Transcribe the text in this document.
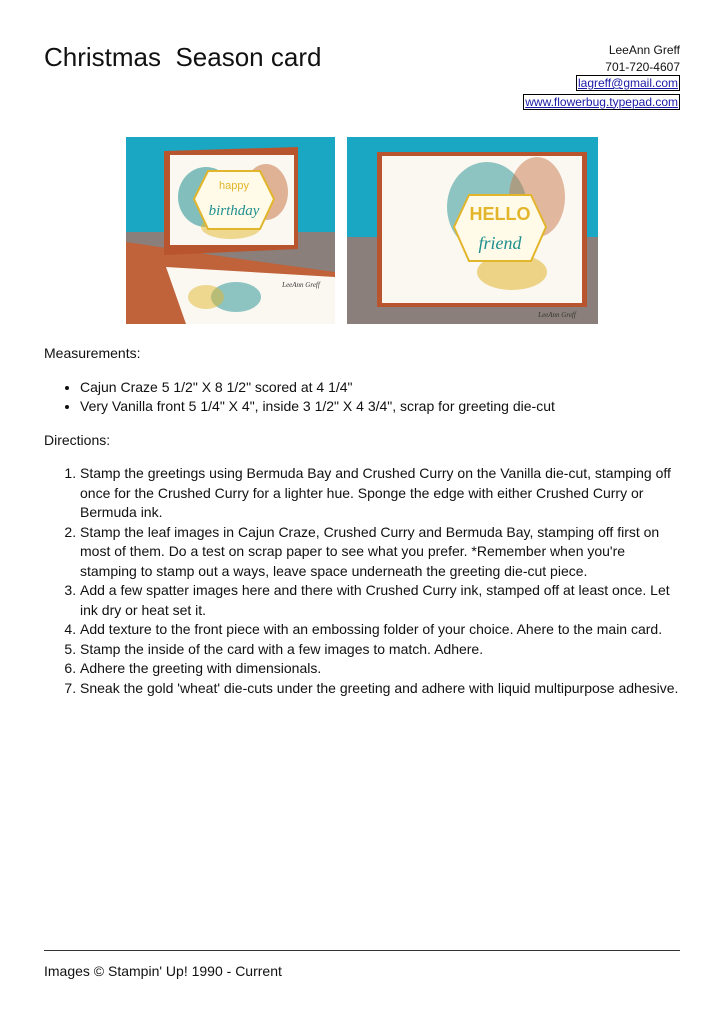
Christmas  Season card	LeeAnn Greff
701-720-4607
lagreff@gmail.com
www.flowerbug.typepad.com
happy
birthday
LeeAnn Greff
HELLO
friend
LeeAnn Greff
Measurements:
• Cajun Craze 5 1/2" X 8 1/2" scored at 4 1/4"
• Very Vanilla front 5 1/4" X 4", inside 3 1/2" X 4 3/4", scrap for greeting die-cut
Directions:
1. Stamp the greetings using Bermuda Bay and Crushed Curry on the Vanilla die-cut, stamping off once for the Crushed Curry for a lighter hue. Sponge the edge with either Crushed Curry or Bermuda ink.
2. Stamp the leaf images in Cajun Craze, Crushed Curry and Bermuda Bay, stamping off first on most of them. Do a test on scrap paper to see what you prefer. *Remember when you're stamping to stamp out a ways, leave space underneath the greeting die-cut piece.
3. Add a few spatter images here and there with Crushed Curry ink, stamped off at least once. Let ink dry or heat set it.
4. Add texture to the front piece with an embossing folder of your choice. Ahere to the main card.
5. Stamp the inside of the card with a few images to match. Adhere.
6. Adhere the greeting with dimensionals.
7. Sneak the gold 'wheat' die-cuts under the greeting and adhere with liquid multipurpose adhesive.
Images © Stampin' Up! 1990 - Current
